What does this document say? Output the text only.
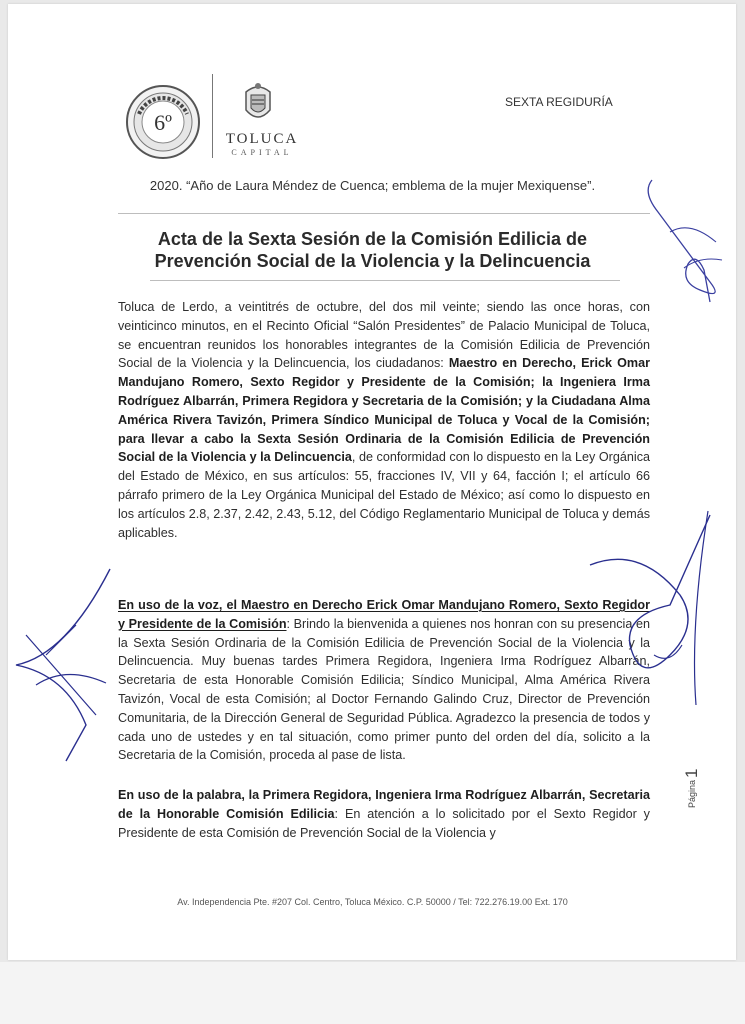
6º
TOLUCA
CAPITAL
SEXTA REGIDURÍA
2020. “Año de Laura Méndez de Cuenca; emblema de la mujer Mexiquense”.
Acta de la Sexta Sesión de la Comisión Edilicia de
Prevención Social de la Violencia y la Delincuencia
Toluca de Lerdo, a veintitrés de octubre, del dos mil veinte; siendo las once horas, con veinticinco minutos, en el Recinto Oficial “Salón Presidentes” de Palacio Municipal de Toluca, se encuentran reunidos los honorables integrantes de la Comisión Edilicia de Prevención Social de la Violencia y la Delincuencia, los ciudadanos: Maestro en Derecho, Erick Omar Mandujano Romero, Sexto Regidor y Presidente de la Comisión; la Ingeniera Irma Rodríguez Albarrán, Primera Regidora y Secretaria de la Comisión; y la Ciudadana Alma América Rivera Tavizón, Primera Síndico Municipal de Toluca y Vocal de la Comisión; para llevar a cabo la Sexta Sesión Ordinaria de la Comisión Edilicia de Prevención Social de la Violencia y la Delincuencia, de conformidad con lo dispuesto en la Ley Orgánica del Estado de México, en sus artículos: 55, fracciones IV, VII y 64, facción I; el artículo 66 párrafo primero de la Ley Orgánica Municipal del Estado de México; así como lo dispuesto en los artículos 2.8, 2.37, 2.42, 2.43, 5.12, del Código Reglamentario Municipal de Toluca y demás aplicables.
En uso de la voz, el Maestro en Derecho Erick Omar Mandujano Romero, Sexto Regidor y Presidente de la Comisión: Brindo la bienvenida a quienes nos honran con su presencia en la Sexta Sesión Ordinaria de la Comisión Edilicia de Prevención Social de la Violencia y la Delincuencia. Muy buenas tardes Primera Regidora, Ingeniera Irma Rodríguez Albarrán, Secretaria de esta Honorable Comisión Edilicia; Síndico Municipal, Alma América Rivera Tavizón, Vocal de esta Comisión; al Doctor Fernando Galindo Cruz, Director de Prevención Comunitaria, de la Dirección General de Seguridad Pública. Agradezco la presencia de todos y cada uno de ustedes y en tal situación, como primer punto del orden del día, solicito a la Secretaria de la Comisión, proceda al pase de lista.
En uso de la palabra, la Primera Regidora, Ingeniera Irma Rodríguez Albarrán, Secretaria de la Honorable Comisión Edilicia: En atención a lo solicitado por el Sexto Regidor y Presidente de esta Comisión de Prevención Social de la Violencia y
Página1
Av. Independencia Pte. #207 Col. Centro, Toluca México. C.P. 50000 / Tel: 722.276.19.00 Ext. 170
